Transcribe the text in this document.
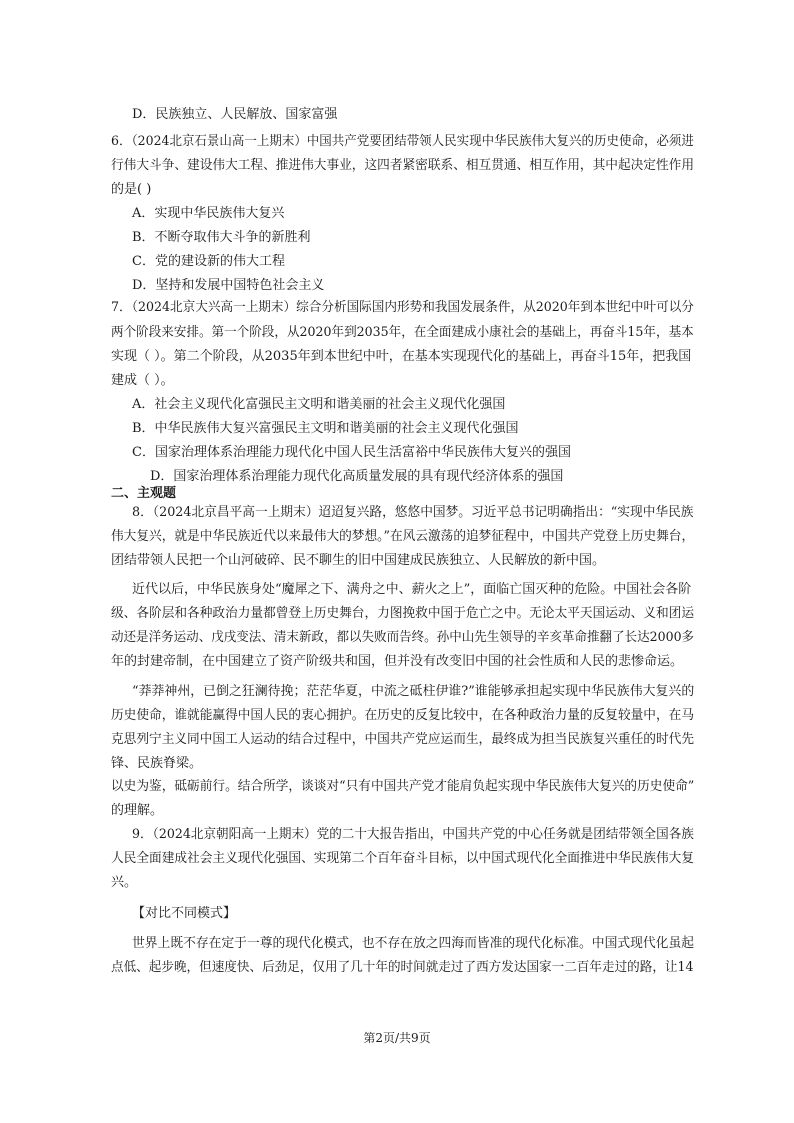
D．民族独立、人民解放、国家富强
6．（2024北京石景山高一上期末）中国共产党要团结带领人民实现中华民族伟大复兴的历史使命，必须进
行伟大斗争、建设伟大工程、推进伟大事业，这四者紧密联系、相互贯通、相互作用，其中起决定性作用
的是( )
A．实现中华民族伟大复兴
B．不断夺取伟大斗争的新胜利
C．党的建设新的伟大工程
D．坚持和发展中国特色社会主义
7．（2024北京大兴高一上期末）综合分析国际国内形势和我国发展条件，从2020年到本世纪中叶可以分
两个阶段来安排。第一个阶段，从2020年到2035年，在全面建成小康社会的基础上，再奋斗15年，基本
实现（ ）。第二个阶段，从2035年到本世纪中叶，在基本实现现代化的基础上，再奋斗15年，把我国
建成（ ）。
A．社会主义现代化富强民主文明和谐美丽的社会主义现代化强国
B．中华民族伟大复兴富强民主文明和谐美丽的社会主义现代化强国
C．国家治理体系治理能力现代化中国人民生活富裕中华民族伟大复兴的强国
D．国家治理体系治理能力现代化高质量发展的具有现代经济体系的强国
二、主观题
8．（2024北京昌平高一上期末）迢迢复兴路，悠悠中国梦。习近平总书记明确指出：“实现中华民族
伟大复兴，就是中华民族近代以来最伟大的梦想。”在风云激荡的追梦征程中，中国共产党登上历史舞台，
团结带领人民把一个山河破碎、民不聊生的旧中国建成民族独立、人民解放的新中国。
近代以后，中华民族身处“魔犀之下、满舟之中、薪火之上”，面临亡国灭种的危险。中国社会各阶
级、各阶层和各种政治力量都曾登上历史舞台，力图挽救中国于危亡之中。无论太平天国运动、义和团运
动还是洋务运动、戊戌变法、清末新政，都以失败而告终。孙中山先生领导的辛亥革命推翻了长达2000多
年的封建帝制，在中国建立了资产阶级共和国，但并没有改变旧中国的社会性质和人民的悲惨命运。
“莽莽神州，已倒之狂澜待挽；茫茫华夏，中流之砥柱伊谁?”谁能够承担起实现中华民族伟大复兴的
历史使命，谁就能赢得中国人民的衷心拥护。在历史的反复比较中，在各种政治力量的反复较量中，在马
克思列宁主义同中国工人运动的结合过程中，中国共产党应运而生，最终成为担当民族复兴重任的时代先
锋、民族脊梁。
以史为鉴，砥砺前行。结合所学，谈谈对“只有中国共产党才能肩负起实现中华民族伟大复兴的历史使命”
的理解。
9．（2024北京朝阳高一上期末）党的二十大报告指出，中国共产党的中心任务就是团结带领全国各族
人民全面建成社会主义现代化强国、实现第二个百年奋斗目标，以中国式现代化全面推进中华民族伟大复
兴。
【对比不同模式】
世界上既不存在定于一尊的现代化模式，也不存在放之四海而皆准的现代化标准。中国式现代化虽起
点低、起步晚，但速度快、后劲足，仅用了几十年的时间就走过了西方发达国家一二百年走过的路，让14
第2页/共9页
